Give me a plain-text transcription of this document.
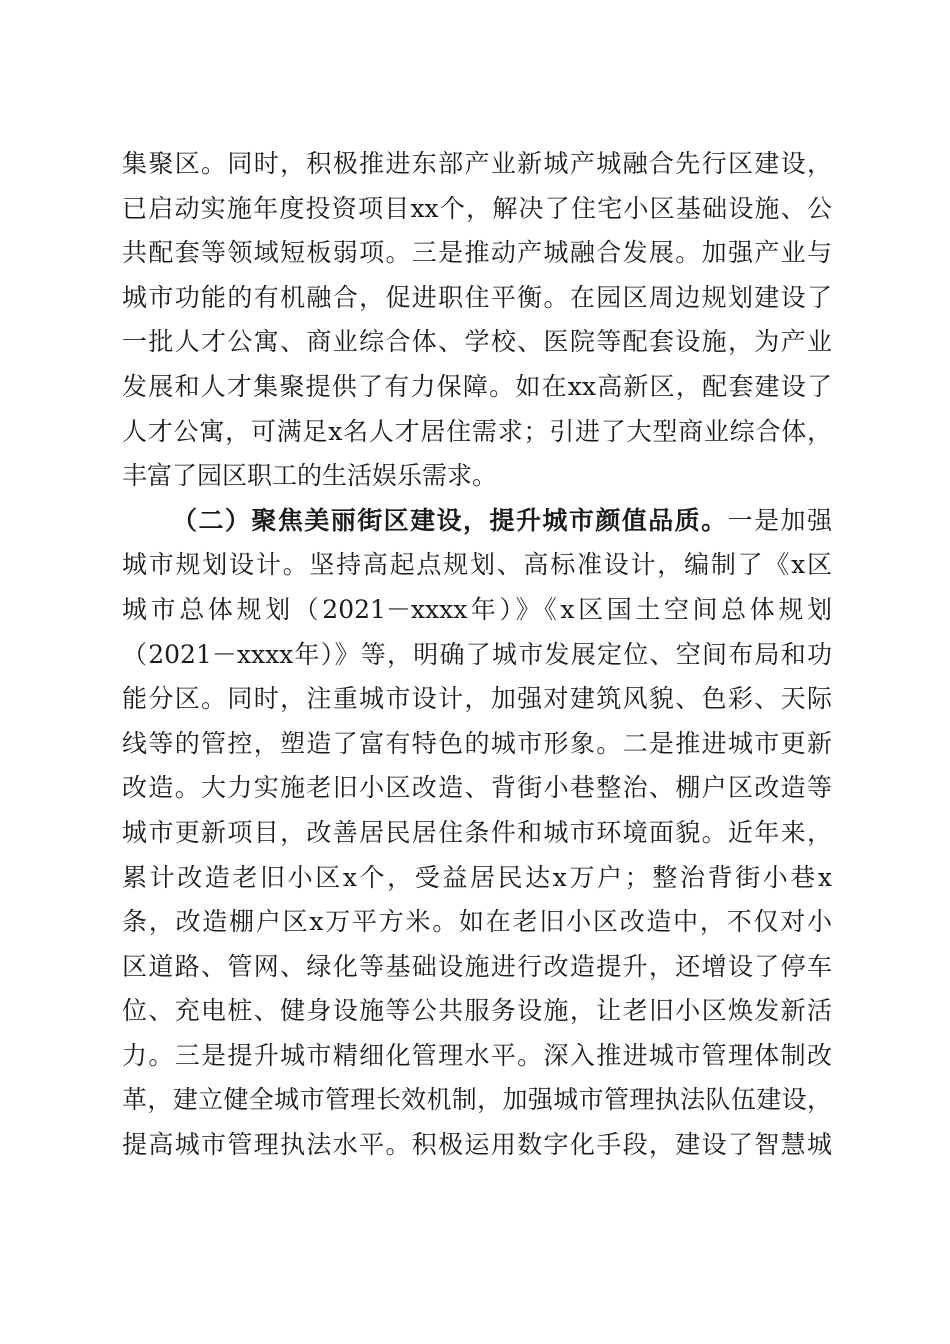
集聚区。同时，积极推进东部产业新城产城融合先行区建设，
已启动实施年度投资项目xx个，解决了住宅小区基础设施、公
共配套等领域短板弱项。三是推动产城融合发展。加强产业与
城市功能的有机融合，促进职住平衡。在园区周边规划建设了
一批人才公寓、商业综合体、学校、医院等配套设施，为产业
发展和人才集聚提供了有力保障。如在xx高新区，配套建设了
人才公寓，可满足x名人才居住需求；引进了大型商业综合体，
丰富了园区职工的生活娱乐需求。
（二）聚焦美丽街区建设，提升城市颜值品质。一是加强
城市规划设计。坚持高起点规划、高标准设计，编制了《x区
城市总体规划（2021－xxxx年）》《x区国土空间总体规划
（2021－xxxx年）》等，明确了城市发展定位、空间布局和功
能分区。同时，注重城市设计，加强对建筑风貌、色彩、天际
线等的管控，塑造了富有特色的城市形象。二是推进城市更新
改造。大力实施老旧小区改造、背街小巷整治、棚户区改造等
城市更新项目，改善居民居住条件和城市环境面貌。近年来，
累计改造老旧小区x个，受益居民达x万户；整治背街小巷x
条，改造棚户区x万平方米。如在老旧小区改造中，不仅对小
区道路、管网、绿化等基础设施进行改造提升，还增设了停车
位、充电桩、健身设施等公共服务设施，让老旧小区焕发新活
力。三是提升城市精细化管理水平。深入推进城市管理体制改
革，建立健全城市管理长效机制，加强城市管理执法队伍建设，
提高城市管理执法水平。积极运用数字化手段，建设了智慧城
